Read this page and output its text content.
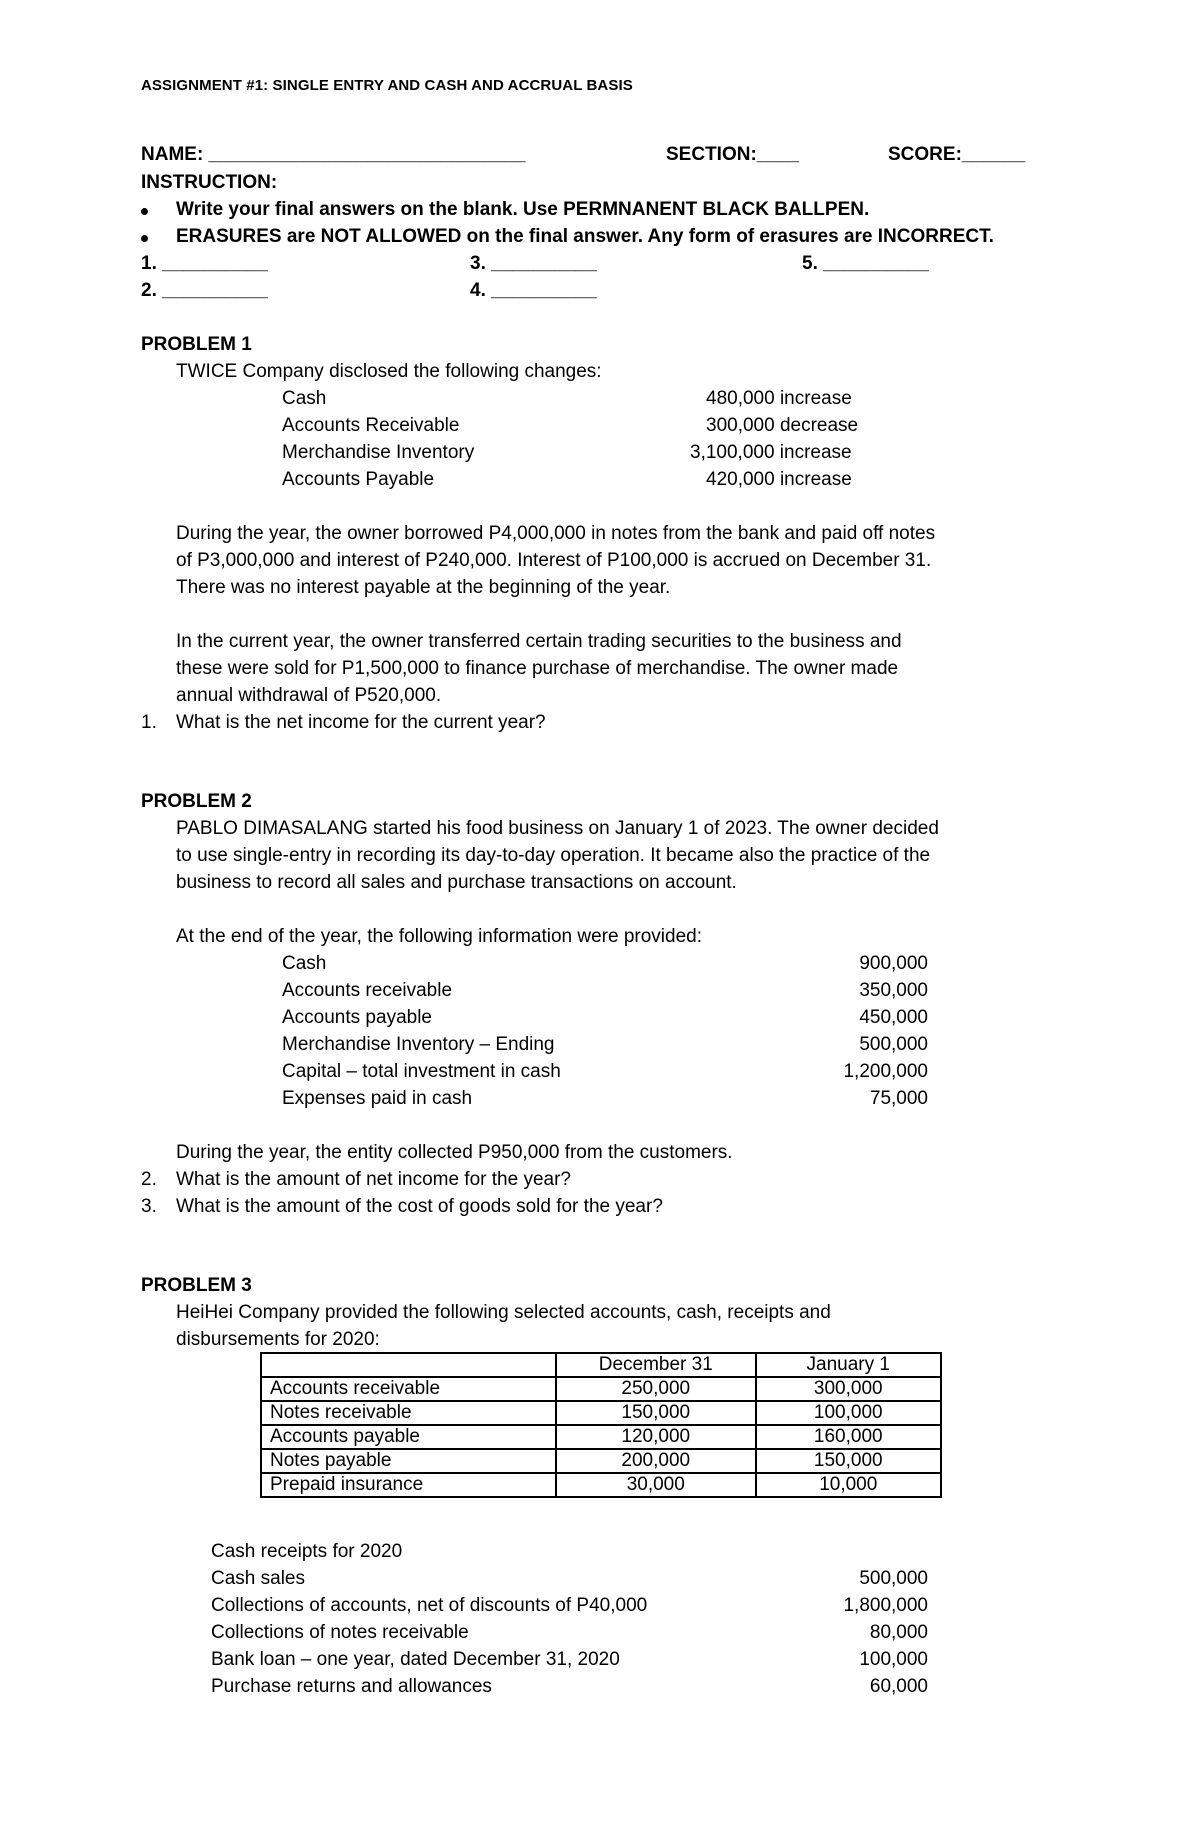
ASSIGNMENT #1: SINGLE ENTRY AND CASH AND ACCRUAL BASIS
NAME: ______________________________	SECTION:____	SCORE:______
INSTRUCTION:
Write your final answers on the blank. Use PERMNANENT BLACK BALLPEN.
ERASURES are NOT ALLOWED on the final answer. Any form of erasures are INCORRECT.
1. __________
2. __________
3. __________
4. __________
5. __________
PROBLEM 1
TWICE Company disclosed the following changes:
Cash	480,000 increase
Accounts Receivable	300,000 decrease
Merchandise Inventory	3,100,000 increase
Accounts Payable	420,000 increase
During the year, the owner borrowed P4,000,000 in notes from the bank and paid off notes
of P3,000,000 and interest of P240,000. Interest of P100,000 is accrued on December 31.
There was no interest payable at the beginning of the year.
In the current year, the owner transferred certain trading securities to the business and
these were sold for P1,500,000 to finance purchase of merchandise. The owner made
annual withdrawal of P520,000.
1. What is the net income for the current year?
PROBLEM 2
PABLO DIMASALANG started his food business on January 1 of 2023. The owner decided
to use single-entry in recording its day-to-day operation. It became also the practice of the
business to record all sales and purchase transactions on account.
At the end of the year, the following information were provided:
Cash	900,000
Accounts receivable	350,000
Accounts payable	450,000
Merchandise Inventory – Ending	500,000
Capital – total investment in cash	1,200,000
Expenses paid in cash	75,000
During the year, the entity collected P950,000 from the customers.
2. What is the amount of net income for the year?
3. What is the amount of the cost of goods sold for the year?
PROBLEM 3
HeiHei Company provided the following selected accounts, cash, receipts and
disbursements for 2020:
	December 31	January 1
Accounts receivable	250,000	300,000
Notes receivable	150,000	100,000
Accounts payable	120,000	160,000
Notes payable	200,000	150,000
Prepaid insurance	30,000	10,000
Cash receipts for 2020
Cash sales	500,000
Collections of accounts, net of discounts of P40,000	1,800,000
Collections of notes receivable	80,000
Bank loan – one year, dated December 31, 2020	100,000
Purchase returns and allowances	60,000
